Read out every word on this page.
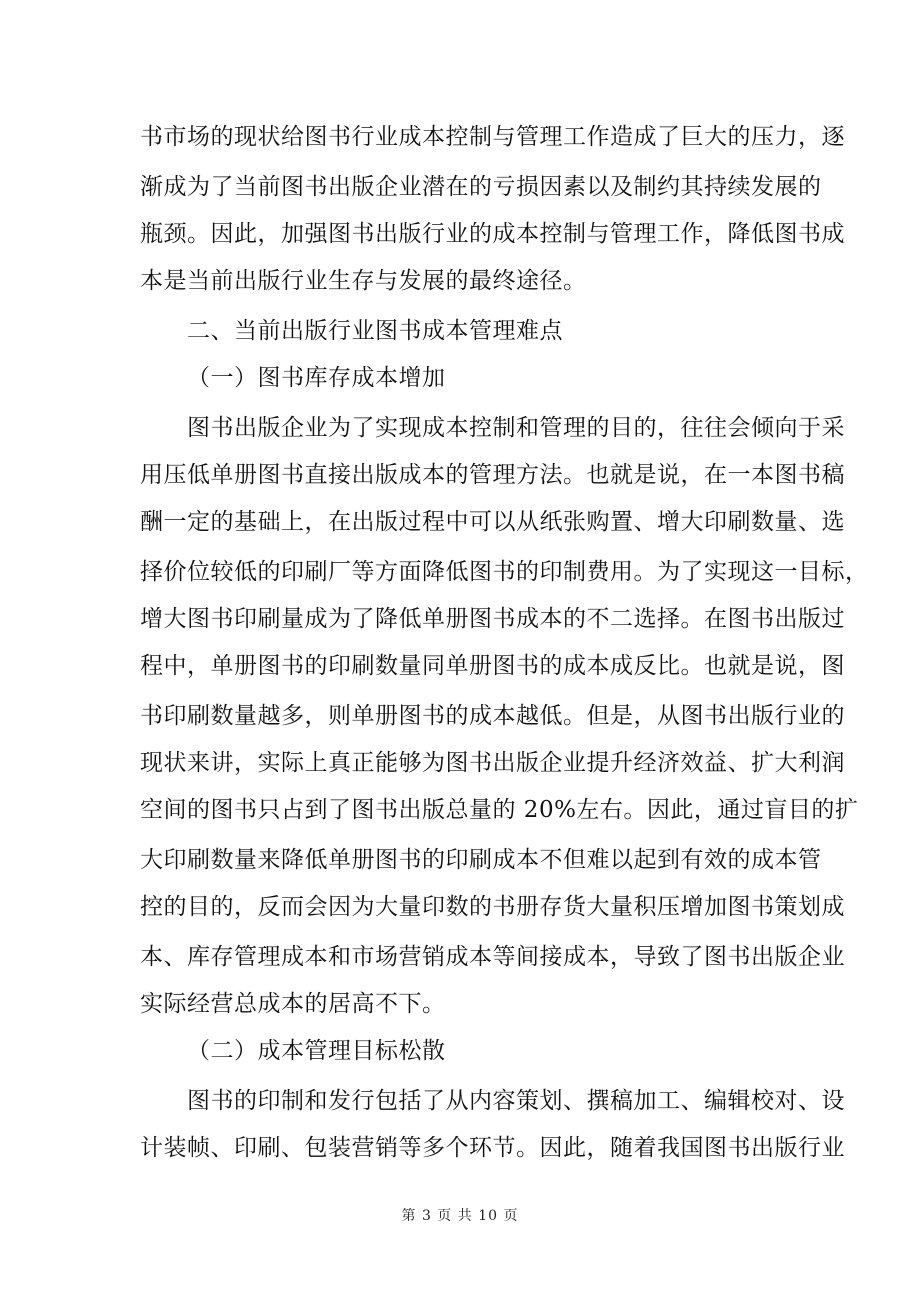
书市场的现状给图书行业成本控制与管理工作造成了巨大的压力，逐
渐成为了当前图书出版企业潜在的亏损因素以及制约其持续发展的
瓶颈。因此，加强图书出版行业的成本控制与管理工作，降低图书成
本是当前出版行业生存与发展的最终途径。
二、当前出版行业图书成本管理难点
（一）图书库存成本增加
图书出版企业为了实现成本控制和管理的目的，往往会倾向于采
用压低单册图书直接出版成本的管理方法。也就是说，在一本图书稿
酬一定的基础上，在出版过程中可以从纸张购置、增大印刷数量、选
择价位较低的印刷厂等方面降低图书的印制费用。为了实现这一目标，
增大图书印刷量成为了降低单册图书成本的不二选择。在图书出版过
程中，单册图书的印刷数量同单册图书的成本成反比。也就是说，图
书印刷数量越多，则单册图书的成本越低。但是，从图书出版行业的
现状来讲，实际上真正能够为图书出版企业提升经济效益、扩大利润
空间的图书只占到了图书出版总量的 20%左右。因此，通过盲目的扩
大印刷数量来降低单册图书的印刷成本不但难以起到有效的成本管
控的目的，反而会因为大量印数的书册存货大量积压增加图书策划成
本、库存管理成本和市场营销成本等间接成本，导致了图书出版企业
实际经营总成本的居高不下。
（二）成本管理目标松散
图书的印制和发行包括了从内容策划、撰稿加工、编辑校对、设
计装帧、印刷、包装营销等多个环节。因此，随着我国图书出版行业
第 3 页 共 10 页
